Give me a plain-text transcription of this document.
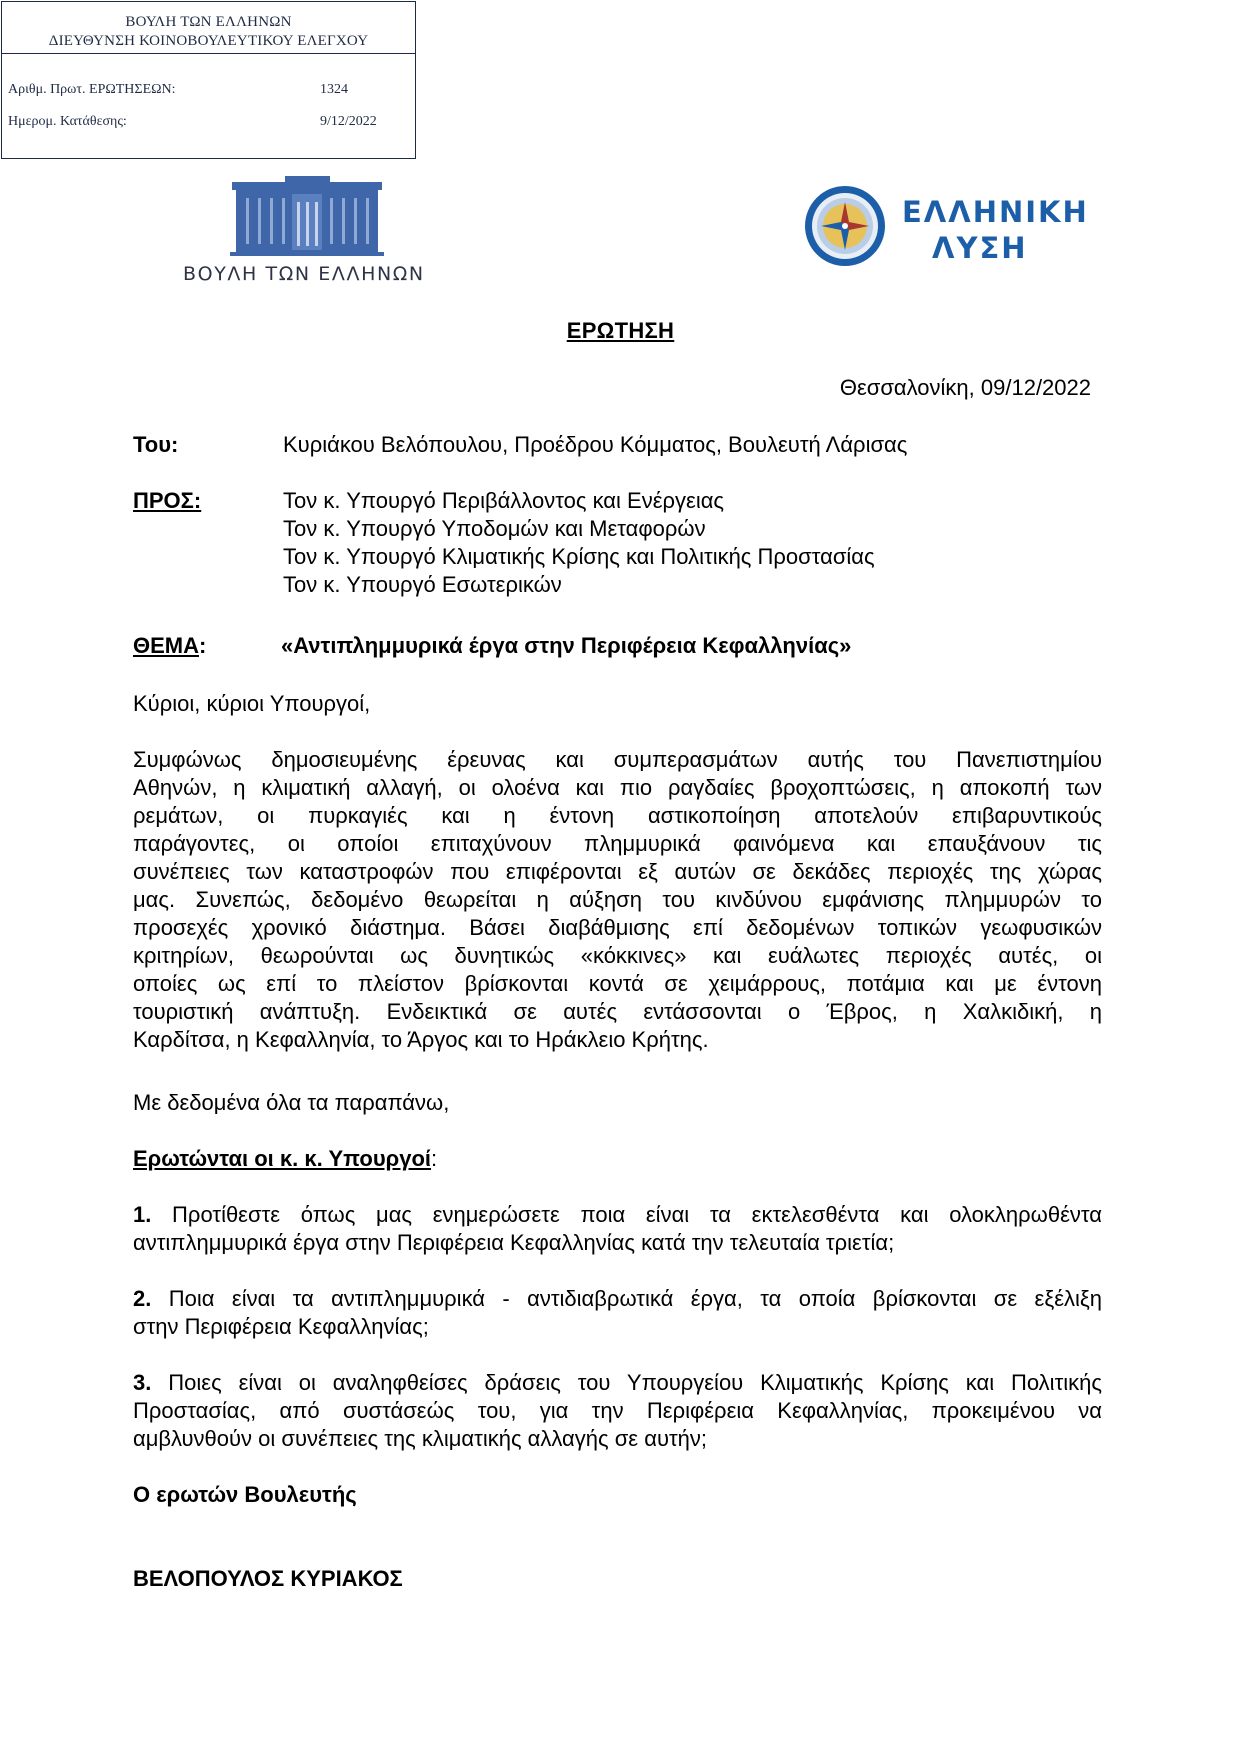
ΒΟΥΛΗ ΤΩΝ ΕΛΛΗΝΩΝ
ΔΙΕΥΘΥΝΣΗ ΚΟΙΝΟΒΟΥΛΕΥΤΙΚΟΥ ΕΛΕΓΧΟΥ
Αριθμ. Πρωτ. ΕΡΩΤΗΣΕΩΝ:	1324
Ημερομ. Κατάθεσης:	9/12/2022
ΒΟΥΛΗ ΤΩΝ ΕΛΛΗΝΩΝ
ΕΛΛΗΝΙΚΗ
ΛΥΣΗ
ΕΡΩΤΗΣΗ
Θεσσαλονίκη, 09/12/2022
Του:	Κυριάκου Βελόπουλου, Προέδρου Κόμματος, Βουλευτή Λάρισας
ΠΡΟΣ:	Τον κ. Υπουργό Περιβάλλοντος και Ενέργειας
Τον κ. Υπουργό Υποδομών και Μεταφορών
Τον κ. Υπουργό Κλιματικής Κρίσης και Πολιτικής Προστασίας
Τον κ. Υπουργό Εσωτερικών
ΘΕΜΑ:	«Αντιπλημμυρικά έργα στην Περιφέρεια Κεφαλληνίας»
Κύριοι, κύριοι Υπουργοί,
Συμφώνως δημοσιευμένης έρευνας και συμπερασμάτων αυτής του Πανεπιστημίου
Αθηνών, η κλιματική αλλαγή, οι ολοένα και πιο ραγδαίες βροχοπτώσεις, η αποκοπή των
ρεμάτων, οι πυρκαγιές και η έντονη αστικοποίηση αποτελούν επιβαρυντικούς
παράγοντες, οι οποίοι επιταχύνουν πλημμυρικά φαινόμενα και επαυξάνουν τις
συνέπειες των καταστροφών που επιφέρονται εξ αυτών σε δεκάδες περιοχές της χώρας
μας. Συνεπώς, δεδομένο θεωρείται η αύξηση του κινδύνου εμφάνισης πλημμυρών το
προσεχές χρονικό διάστημα. Βάσει διαβάθμισης επί δεδομένων τοπικών γεωφυσικών
κριτηρίων, θεωρούνται ως δυνητικώς «κόκκινες» και ευάλωτες περιοχές αυτές, οι
οποίες ως επί το πλείστον βρίσκονται κοντά σε χειμάρρους, ποτάμια και με έντονη
τουριστική ανάπτυξη. Ενδεικτικά σε αυτές εντάσσονται ο Έβρος, η Χαλκιδική, η
Καρδίτσα, η Κεφαλληνία, το Άργος και το Ηράκλειο Κρήτης.
Με δεδομένα όλα τα παραπάνω,
Ερωτώνται οι κ. κ. Υπουργοί:
1. Προτίθεστε όπως μας ενημερώσετε ποια είναι τα εκτελεσθέντα και ολοκληρωθέντα
αντιπλημμυρικά έργα στην Περιφέρεια Κεφαλληνίας κατά την τελευταία τριετία;
2. Ποια είναι τα αντιπλημμυρικά - αντιδιαβρωτικά έργα, τα οποία βρίσκονται σε εξέλιξη
στην Περιφέρεια Κεφαλληνίας;
3. Ποιες είναι οι αναληφθείσες δράσεις του Υπουργείου Κλιματικής Κρίσης και Πολιτικής
Προστασίας, από συστάσεώς του, για την Περιφέρεια Κεφαλληνίας, προκειμένου να
αμβλυνθούν οι συνέπειες της κλιματικής αλλαγής σε αυτήν;
Ο ερωτών Βουλευτής
ΒΕΛΟΠΟΥΛΟΣ ΚΥΡΙΑΚΟΣ
